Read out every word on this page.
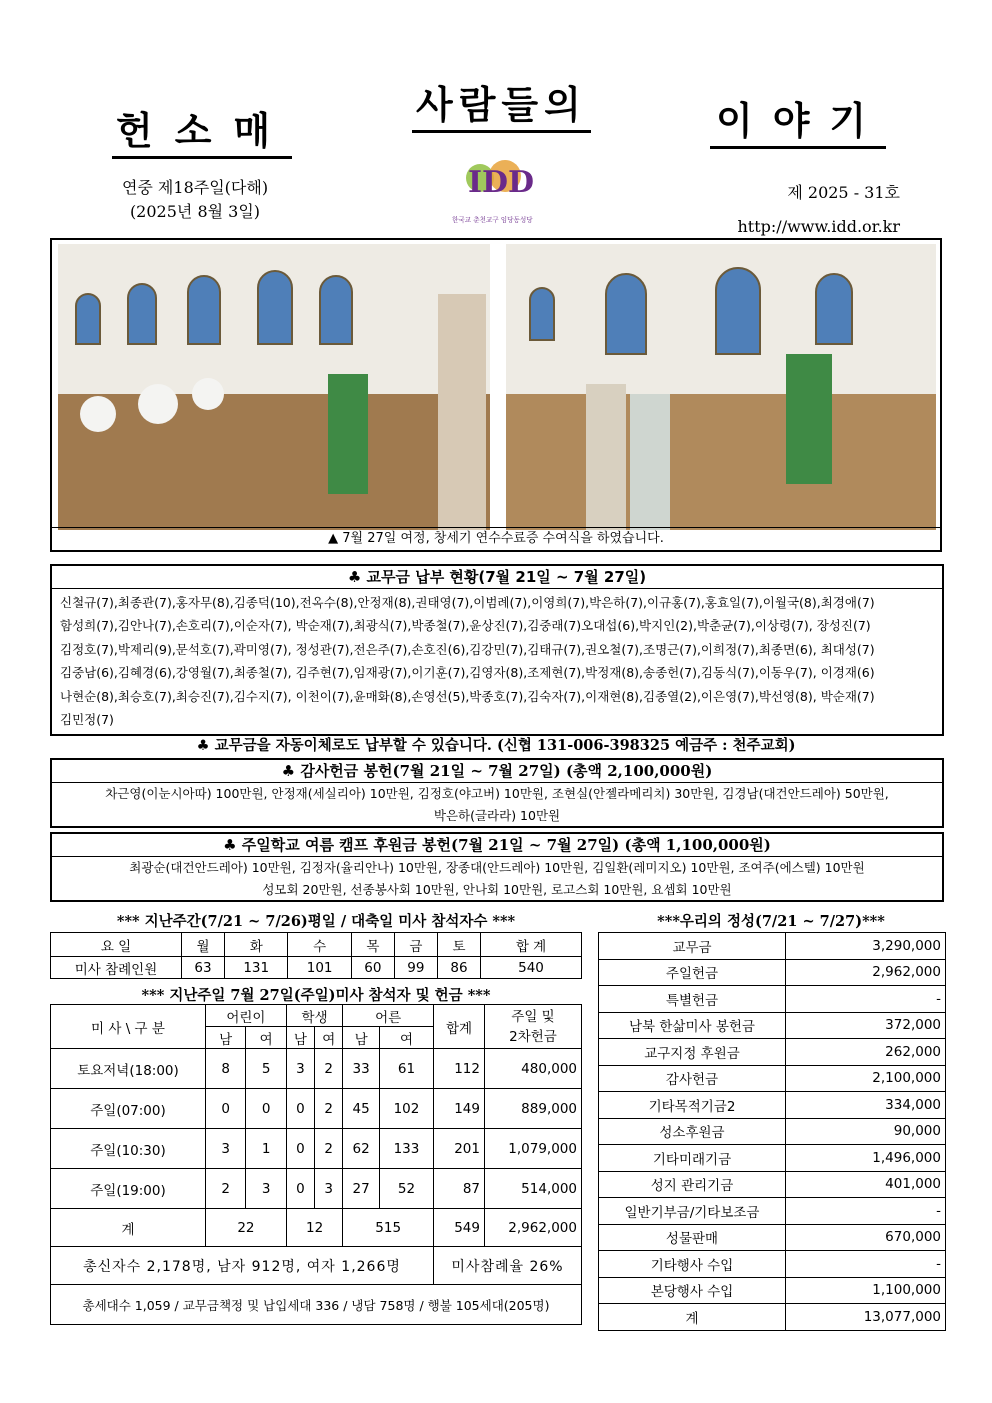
헌소매
사람들의	이야기
연중 제18주일(다해)
(2025년 8월 3일)
제 2025 - 31호
http://www.idd.or.kr
IDD
한국교 춘천교구 임당동성당
▲ 7월 27일 여정, 창세기 연수수료증 수여식을 하였습니다.
♣ 교무금 납부 현황(7월 21일 ~ 7월 27일)
신철규(7),최종관(7),홍자무(8),김종덕(10),전옥수(8),안정재(8),권태영(7),이범례(7),이영희(7),박은하(7),이규홍(7),홍효일(7),이월국(8),최경애(7)
함성희(7),김안나(7),손호리(7),이순자(7), 박순재(7),최광식(7),박종철(7),윤상진(7),김중래(7)오대섭(6),박지인(2),박춘균(7),이상령(7), 장성진(7)
김정호(7),박제리(9),문석호(7),곽미영(7), 정성관(7),전은주(7),손호진(6),김강민(7),김태규(7),권오철(7),조명근(7),이희정(7),최종면(6), 최대성(7)
김중남(6),김혜경(6),강영월(7),최종철(7), 김주현(7),임재광(7),이기훈(7),김영자(8),조제현(7),박정재(8),송종헌(7),김동식(7),이동우(7), 이경재(6)
나현순(8),최승호(7),최승진(7),김수지(7), 이천이(7),윤매화(8),손영선(5),박종호(7),김숙자(7),이재현(8),김종열(2),이은영(7),박선영(8), 박순재(7)
김민정(7)
♣ 교무금을 자동이체로도 납부할 수 있습니다. (신협 131-006-398325 예금주 : 천주교회)
♣ 감사헌금 봉헌(7월 21일 ~ 7월 27일) (총액 2,100,000원)
차근영(이눈시아따) 100만원, 안정재(세실리아) 10만원, 김정호(야고버) 10만원, 조현실(안젤라메리치) 30만원, 김경남(대건안드레아) 50만원,
박은하(글라라) 10만원
♣ 주일학교 여름 캠프 후원금 봉헌(7월 21일 ~ 7월 27일) (총액 1,100,000원)
최광순(대건안드레아) 10만원, 김정자(율리안나) 10만원, 장종대(안드레아) 10만원, 김일환(레미지오) 10만원, 조여주(에스텔) 10만원
성모회 20만원, 선종봉사회 10만원, 안나회 10만원, 로고스회 10만원, 요셉회 10만원
*** 지난주간(7/21 ~ 7/26)평일 / 대축일 미사 참석자수 ***
요 일	월	화	수	목	금	토	합 계
미사 참례인원	63	131	101	60	99	86	540
*** 지난주일 7월 27일(주일)미사 참석자 및 헌금 ***
미 사 \ 구 분	어린이		학생		어른		합계	주일 및
2차헌금
	남	여	남	여	남	여		
토요저녁(18:00)	8	5	3	2	33	61	112	480,000
주일(07:00)	0	0	0	2	45	102	149	889,000
주일(10:30)	3	1	0	2	62	133	201	1,079,000
주일(19:00)	2	3	0	3	27	52	87	514,000
계	22		12		515		549	2,962,000
총신자수 2,178명, 남자 912명, 여자 1,266명							미사참례율 26%	
총세대수 1,059 / 교무금책정 및 납입세대 336 / 냉담 758명 / 행불 105세대(205명)								
***우리의 정성(7/21 ~ 7/27)***
교무금	3,290,000
주일헌금	2,962,000
특별헌금	-
남북 한삶미사 봉헌금	372,000
교구지정 후원금	262,000
감사헌금	2,100,000
기타목적기금2	334,000
성소후원금	90,000
기타미래기금	1,496,000
성지 관리기금	401,000
일반기부금/기타보조금	-
성물판매	670,000
기타행사 수입	-
본당행사 수입	1,100,000
계	13,077,000
